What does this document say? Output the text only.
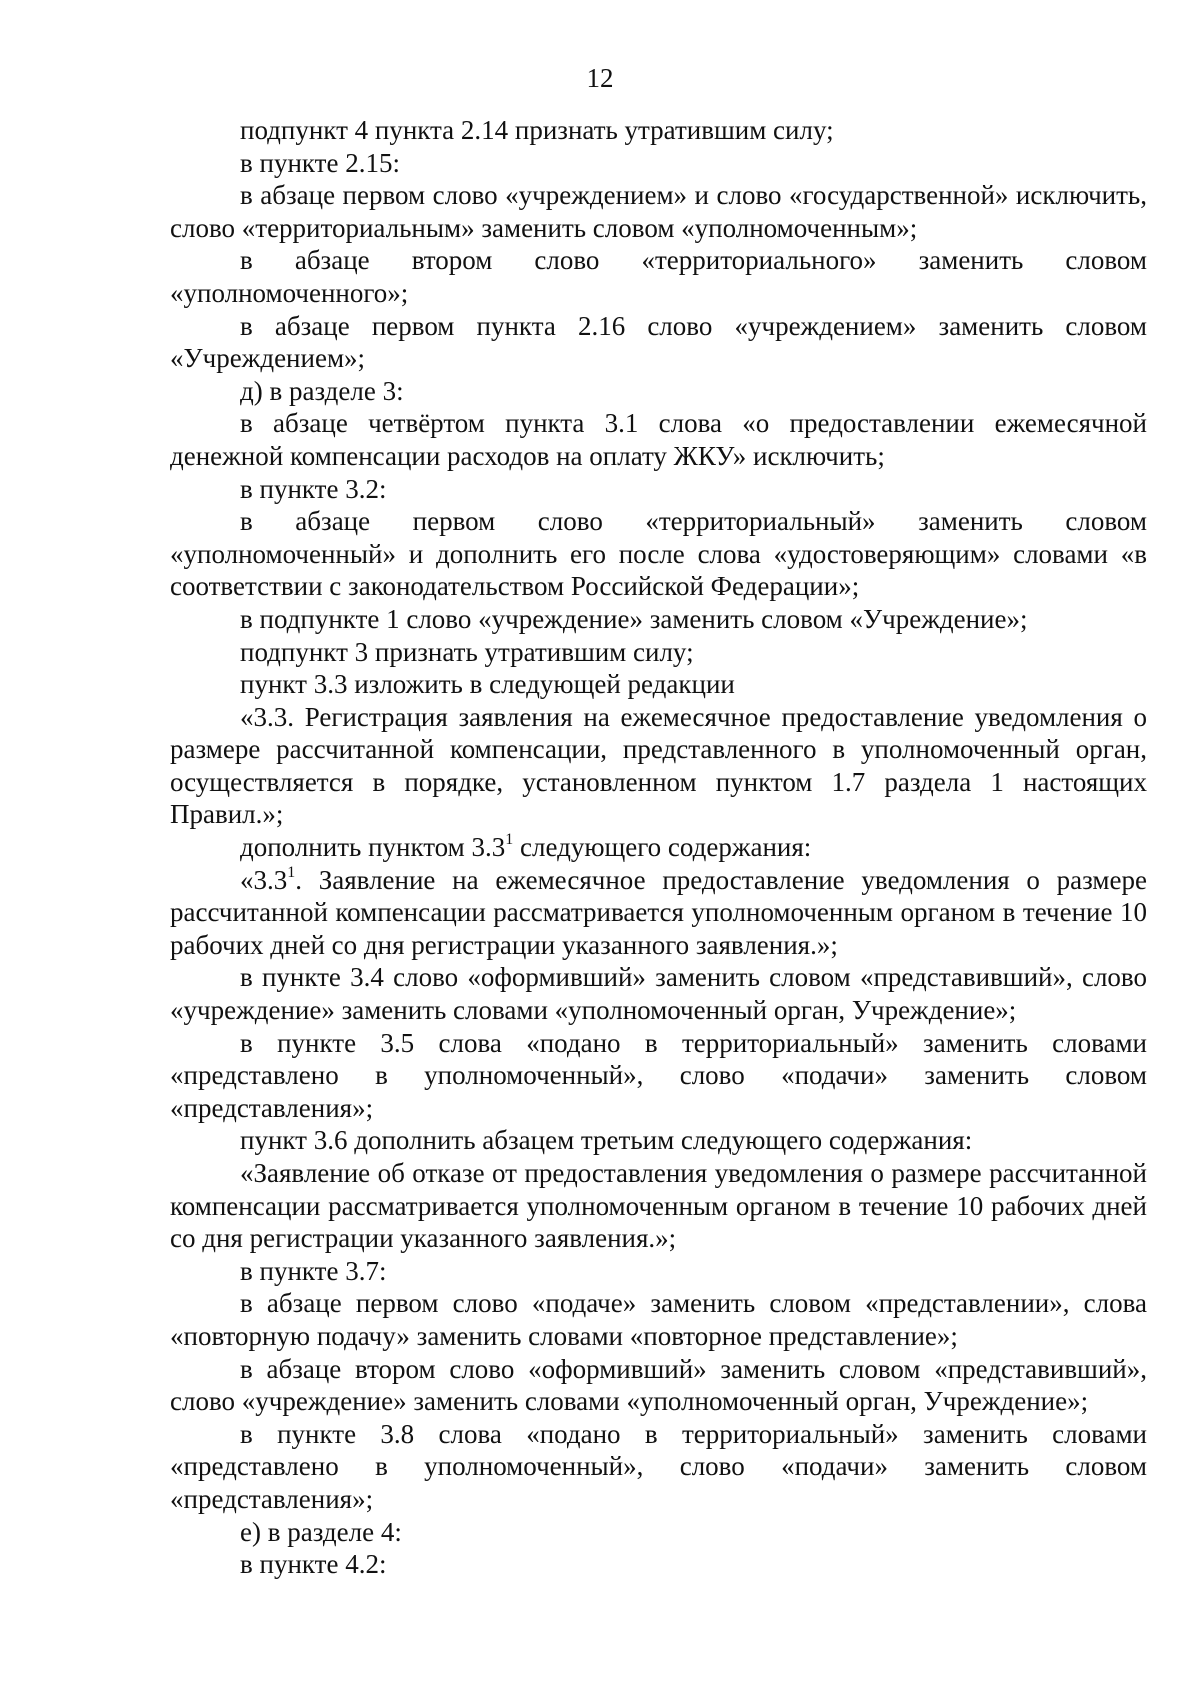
12

подпункт 4 пункта 2.14 признать утратившим силу;

в пункте 2.15:

в абзаце первом слово «учреждением» и слово «государственной» исключить, слово «территориальным» заменить словом «уполномоченным»;

в абзаце втором слово «территориального» заменить словом «уполномоченного»;

в абзаце первом пункта 2.16 слово «учреждением» заменить словом «Учреждением»;

д) в разделе 3:

в абзаце четвёртом пункта 3.1 слова «о предоставлении ежемесячной денежной компенсации расходов на оплату ЖКУ» исключить;

в пункте 3.2:

в абзаце первом слово «территориальный» заменить словом «уполномоченный» и дополнить его после слова «удостоверяющим» словами «в соответствии с законодательством Российской Федерации»;

в подпункте 1 слово «учреждение» заменить словом «Учреждение»;

подпункт 3 признать утратившим силу;

пункт 3.3 изложить в следующей редакции

«3.3. Регистрация заявления на ежемесячное предоставление уведомления о размере рассчитанной компенсации, представленного в уполномоченный орган, осуществляется в порядке, установленном пунктом 1.7 раздела 1 настоящих Правил.»;

дополнить пунктом 3.3$^1$ следующего содержания:

«3.3$^1$. Заявление на ежемесячное предоставление уведомления о размере рассчитанной компенсации рассматривается уполномоченным органом в течение 10 рабочих дней со дня регистрации указанного заявления.»;

в пункте 3.4 слово «оформивший» заменить словом «представивший», слово «учреждение» заменить словами «уполномоченный орган, Учреждение»;

в пункте 3.5 слова «подано в территориальный» заменить словами «представлено в уполномоченный», слово «подачи» заменить словом «представления»;

пункт 3.6 дополнить абзацем третьим следующего содержания:

«Заявление об отказе от предоставления уведомления о размере рассчитанной компенсации рассматривается уполномоченным органом в течение 10 рабочих дней со дня регистрации указанного заявления.»;

в пункте 3.7:

в абзаце первом слово «подаче» заменить словом «представлении», слова «повторную подачу» заменить словами «повторное представление»;

в абзаце втором слово «оформивший» заменить словом «представивший», слово «учреждение» заменить словами «уполномоченный орган, Учреждение»;

в пункте 3.8 слова «подано в территориальный» заменить словами «представлено в уполномоченный», слово «подачи» заменить словом «представления»;

е) в разделе 4:

в пункте 4.2:
